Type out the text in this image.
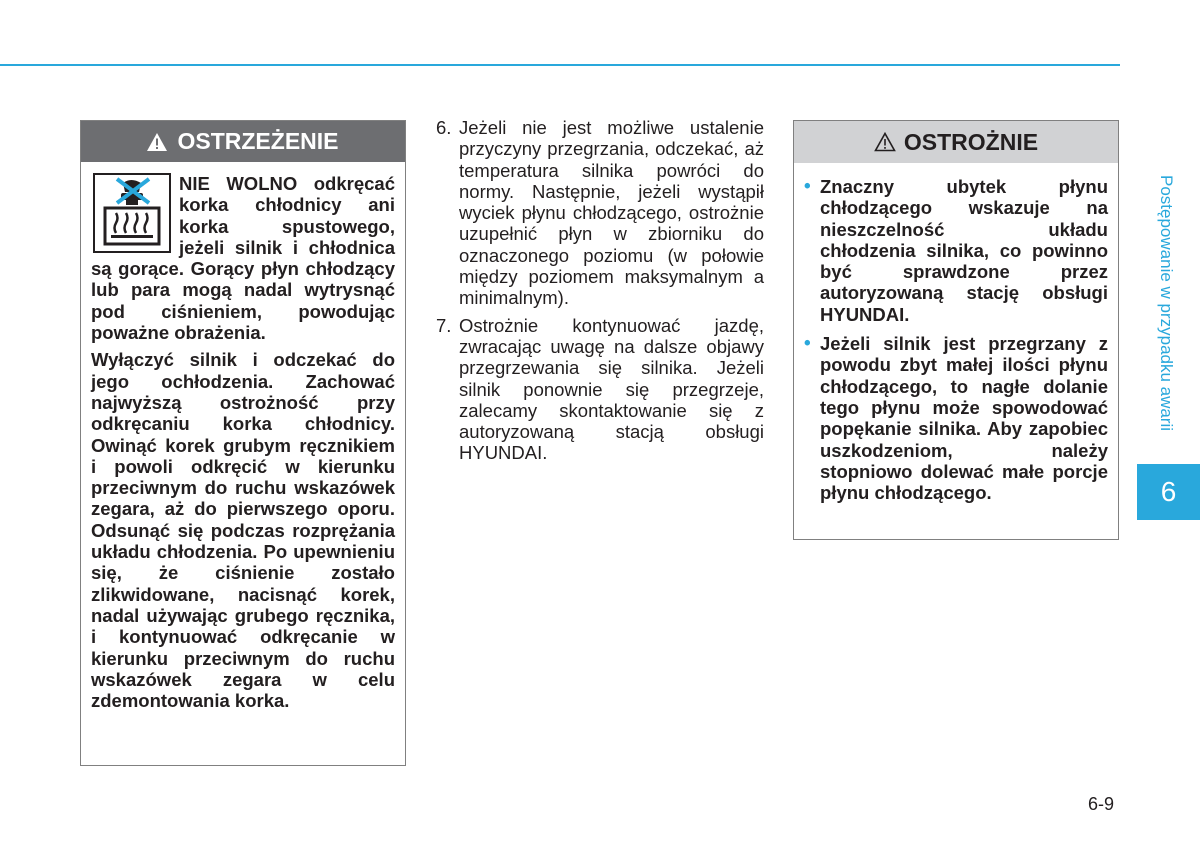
OSTRZEŻENIE

NIE WOLNO odkręcać korka chłodnicy ani korka spustowego, jeżeli silnik i chłodnica są gorące. Gorący płyn chłodzący lub para mogą nadal wytrysnąć pod ciśnieniem, powodując poważne obrażenia.

Wyłączyć silnik i odczekać do jego ochłodzenia. Zachować najwyższą ostrożność przy odkręcaniu korka chłodnicy. Owinąć korek grubym ręcznikiem i powoli odkręcić w kierunku przeciwnym do ruchu wskazówek zegara, aż do pierwszego oporu. Odsunąć się podczas rozprężania układu chłodzenia. Po upewnieniu się, że ciśnienie zostało zlikwidowane, nacisnąć korek, nadal używając grubego ręcznika, i kontynuować odkręcanie w kierunku przeciwnym do ruchu wskazówek zegara w celu zdemontowania korka.

6. Jeżeli nie jest możliwe ustalenie przyczyny przegrzania, odczekać, aż temperatura silnika powróci do normy. Następnie, jeżeli wystąpił wyciek płynu chłodzącego, ostrożnie uzupełnić płyn w zbiorniku do oznaczonego poziomu (w połowie między poziomem maksymalnym a minimalnym).
7. Ostrożnie kontynuować jazdę, zwracając uwagę na dalsze objawy przegrzewania się silnika. Jeżeli silnik ponownie się przegrzeje, zalecamy skontaktowanie się z autoryzowaną stacją obsługi HYUNDAI.
OSTROŻNIE
• Znaczny ubytek płynu chłodzącego wskazuje na nieszczelność układu chłodzenia silnika, co powinno być sprawdzone przez autoryzowaną stację obsługi HYUNDAI.
• Jeżeli silnik jest przegrzany z powodu zbyt małej ilości płynu chłodzącego, to nagłe dolanie tego płynu może spowodować popękanie silnika. Aby zapobiec uszkodzeniom, należy stopniowo dolewać małe porcje płynu chłodzącego.
Postępowanie w przypadku awarii
6
6-9
